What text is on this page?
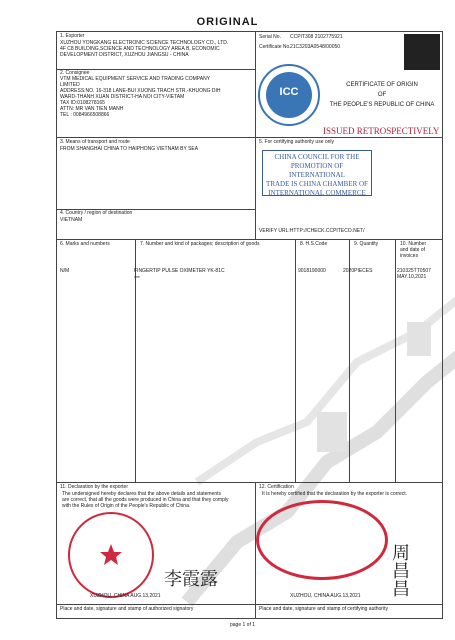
ORIGINAL
1. Exporter
XUZHOU YONGKANG ELECTRONIC SCIENCE TECHNOLOGY CO., LTD.
4F C8 BUILDING,SCIENCE AND TECHNOLOGY AREA B, ECONOMIC
DEVELOPMENT DISTRICT, XUZHOU JIANGSU - CHINA
Serial No. CCPIT308 2102775921
Certificate No. 21C3203A0548/00050
ICC
CERTIFICATE OF ORIGIN
OF
THE PEOPLE'S REPUBLIC OF CHINA
ISSUED RETROSPECTIVELY
2. Consignee
VTM MEDICAL EQUIPMENT SERVICE AND TRADING COMPANY
LIMITED
ADDRESS:NO. 16-318 LANE-BUI XUONG TRACH STR.-KHUONG DIH
WARD-THANH XUAN DISTRICT-HA NOI CITY-VIETAM
TAX ID:0108278165
ATTN: MR VAN TIEN MANH
TEL : 0084966508866
3. Means of transport and route
FROM SHANGHAI CHINA TO HAIPHONG VIETNAM BY SEA
5. For certifying authority use only
CHINA COUNCIL FOR THE
PROMOTION OF INTERNATIONAL
TRADE IS CHINA CHAMBER OF
INTERNATIONAL COMMERCE
4. Country / region of destination
VIETNAM
VERIFY URL:HTTP://CHECK.CCPITECO.NET/
6. Marks and numbers	7. Number and kind of packages; description of goods	8. H.S.Code	9. Quantity	10. Number
and date of
invoices
N/M	FINGERTIP PULSE OXIMETER YK-81C
***
9018190000	2020PIECES	210325TT0507
MAY.10,2021
11. Declaration by the exporter
The undersigned hereby declares that the above details and statements
are correct, that all the goods were produced in China and that they comply
with the Rules of Origin of the People's Republic of China.
李霞露
XUZHOU, CHINA AUG.13,2021
Place and date, signature and stamp of authorized signatory
12. Certification
It is hereby certified that the declaration by the exporter is correct.
周昌昌
XUZHOU, CHINA AUG.13,2021
Place and date, signature and stamp of certifying authority
page 1 of 1
